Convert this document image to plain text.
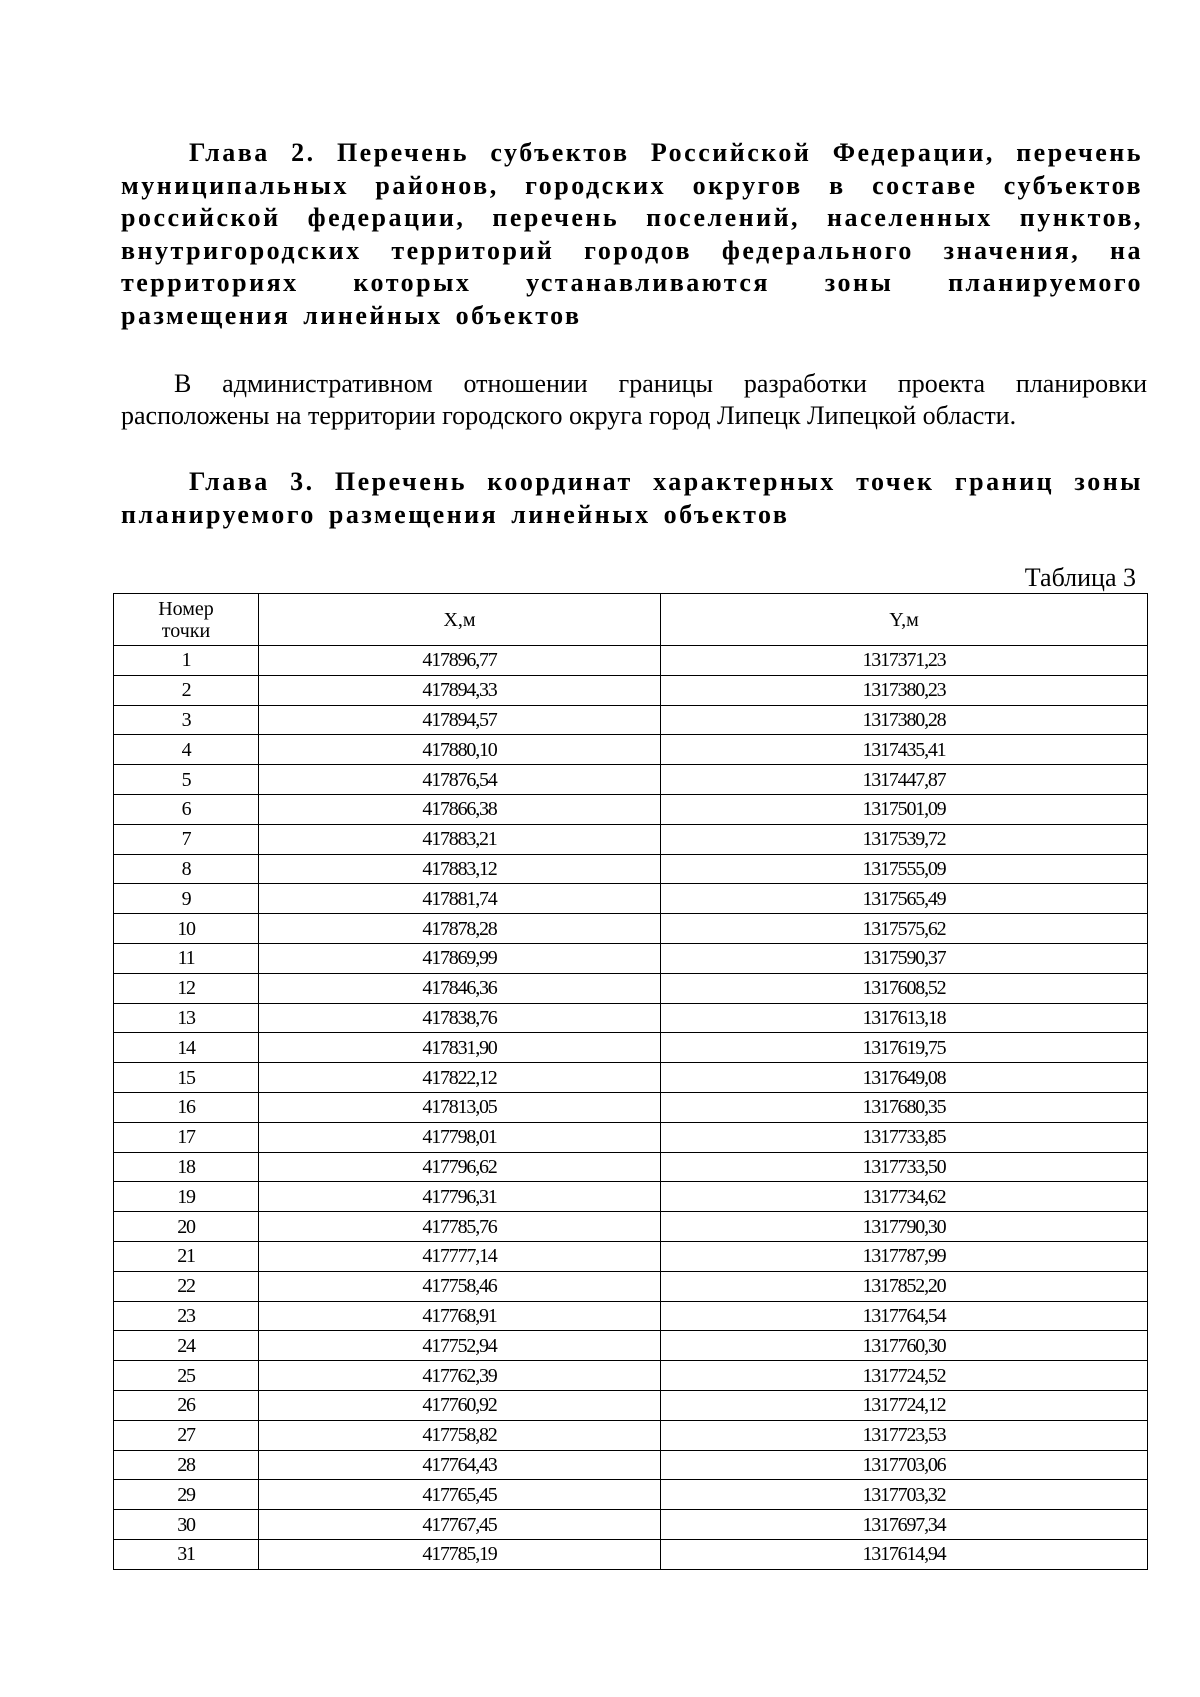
Глава 2. Перечень субъектов Российской Федерации, перечень муниципальных районов, городских округов в составе субъектов российской федерации, перечень поселений, населенных пунктов, внутригородских территорий городов федерального значения, на территориях которых устанавливаются зоны планируемого размещения линейных объектов

В административном отношении границы разработки проекта планировки расположены на территории городского округа город Липецк Липецкой области.

Глава 3. Перечень координат характерных точек границ зоны планируемого размещения линейных объектов

Таблица 3

Номер
точки	X,м	Y,м
1	417896,77	1317371,23
2	417894,33	1317380,23
3	417894,57	1317380,28
4	417880,10	1317435,41
5	417876,54	1317447,87
6	417866,38	1317501,09
7	417883,21	1317539,72
8	417883,12	1317555,09
9	417881,74	1317565,49
10	417878,28	1317575,62
11	417869,99	1317590,37
12	417846,36	1317608,52
13	417838,76	1317613,18
14	417831,90	1317619,75
15	417822,12	1317649,08
16	417813,05	1317680,35
17	417798,01	1317733,85
18	417796,62	1317733,50
19	417796,31	1317734,62
20	417785,76	1317790,30
21	417777,14	1317787,99
22	417758,46	1317852,20
23	417768,91	1317764,54
24	417752,94	1317760,30
25	417762,39	1317724,52
26	417760,92	1317724,12
27	417758,82	1317723,53
28	417764,43	1317703,06
29	417765,45	1317703,32
30	417767,45	1317697,34
31	417785,19	1317614,94
